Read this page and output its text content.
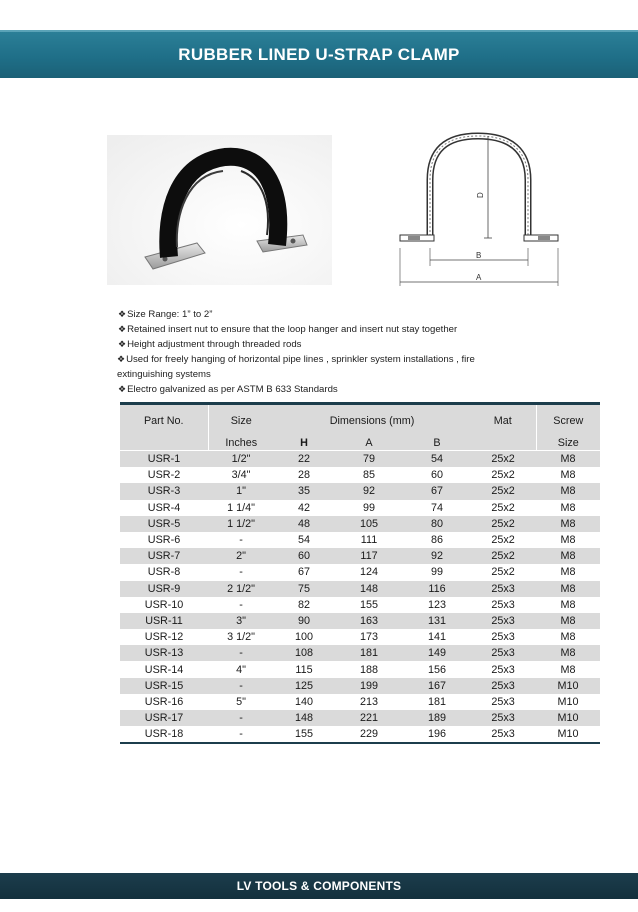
RUBBER LINED U-STRAP CLAMP
D
B
A
❖Size Range: 1” to 2”
❖Retained insert nut to ensure that the loop hanger and insert nut stay together
❖Height adjustment through threaded rods
❖Used for freely hanging of horizontal pipe lines , sprinkler system installations , fire extinguishing systems
❖Electro galvanized as per ASTM B 633 Standards
Part No.	Size	Dimensions (mm)			Mat	Screw
	Inches	H	A	B		Size
USR-1	1/2"	22	79	54	25x2	M8
USR-2	3/4"	28	85	60	25x2	M8
USR-3	1"	35	92	67	25x2	M8
USR-4	1 1/4"	42	99	74	25x2	M8
USR-5	1 1/2"	48	105	80	25x2	M8
USR-6	-	54	111	86	25x2	M8
USR-7	2"	60	117	92	25x2	M8
USR-8	-	67	124	99	25x2	M8
USR-9	2 1/2"	75	148	116	25x3	M8
USR-10	-	82	155	123	25x3	M8
USR-11	3"	90	163	131	25x3	M8
USR-12	3 1/2"	100	173	141	25x3	M8
USR-13	-	108	181	149	25x3	M8
USR-14	4"	115	188	156	25x3	M8
USR-15	-	125	199	167	25x3	M10
USR-16	5"	140	213	181	25x3	M10
USR-17	-	148	221	189	25x3	M10
USR-18	-	155	229	196	25x3	M10
LV TOOLS & COMPONENTS
